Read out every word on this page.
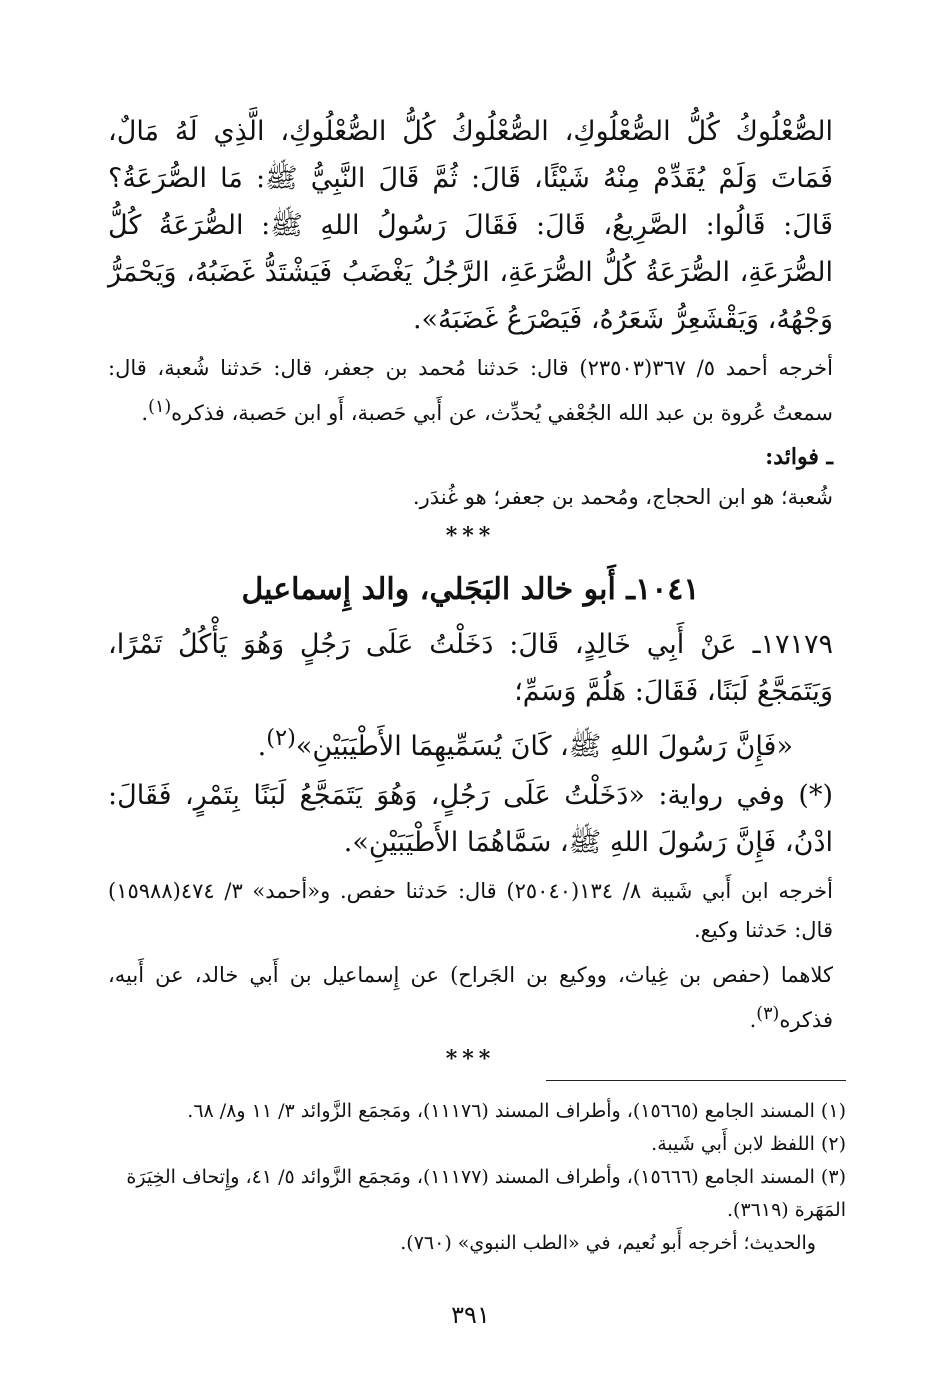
الصُّعْلُوكُ كُلُّ الصُّعْلُوكِ، الصُّعْلُوكُ كُلُّ الصُّعْلُوكِ، الَّذِي لَهُ مَالٌ، فَمَاتَ وَلَمْ يُقَدِّمْ مِنْهُ شَيْئًا، قَالَ: ثُمَّ قَالَ النَّبِيُّ ﷺ: مَا الصُّرَعَةُ؟ قَالَ: قَالُوا: الصَّرِيعُ، قَالَ: فَقَالَ رَسُولُ اللهِ ﷺ: الصُّرَعَةُ كُلُّ الصُّرَعَةِ، الصُّرَعَةُ كُلُّ الصُّرَعَةِ، الرَّجُلُ يَغْضَبُ فَيَشْتَدُّ غَضَبُهُ، وَيَحْمَرُّ وَجْهُهُ، وَيَقْشَعِرُّ شَعَرُهُ، فَيَصْرَعُ غَضَبَهُ».

أخرجه أحمد ٥/ ٣٦٧(٢٣٥٠٣) قال: حَدثنا مُحمد بن جعفر، قال: حَدثنا شُعبة، قال: سمعتُ عُروة بن عبد الله الجُعْفي يُحدِّث، عن أَبي حَصبة، أَو ابن حَصبة، فذكره$^{(١)}$.

ـ فوائد:

شُعبة؛ هو ابن الحجاج، ومُحمد بن جعفر؛ هو غُندَر.

***
١٠٤١ـ أَبو خالد البَجَلي، والد إِسماعيل

١٧١٧٩ـ عَنْ أَبِي خَالِدٍ، قَالَ: دَخَلْتُ عَلَى رَجُلٍ وَهُوَ يَأْكُلُ تَمْرًا، وَيَتَمَجَّعُ لَبَنًا، فَقَالَ: هَلُمَّ وَسَمِّ؛

«فَإِنَّ رَسُولَ اللهِ ﷺ، كَانَ يُسَمِّيهِمَا الأَطْيَبَيْنِ»$^{(٢)}$.

(*) وفي رواية: «دَخَلْتُ عَلَى رَجُلٍ، وَهُوَ يَتَمَجَّعُ لَبَنًا بِتَمْرٍ، فَقَالَ: ادْنُ، فَإِنَّ رَسُولَ اللهِ ﷺ، سَمَّاهُمَا الأَطْيَبَيْنِ».

أخرجه ابن أَبي شَيبة ٨/ ١٣٤(٢٥٠٤٠) قال: حَدثنا حفص. و«أحمد» ٣/ ٤٧٤(١٥٩٨٨) قال: حَدثنا وكيع.

كلاهما (حفص بن غِياث، ووكيع بن الجَراح) عن إِسماعيل بن أَبي خالد، عن أَبيه، فذكره$^{(٣)}$.

***

(١) المسند الجامع (١٥٦٦٥)، وأطراف المسند (١١١٧٦)، ومَجمَع الزَّوائد ٣/ ١١ و٨/ ٦٨.

(٢) اللفظ لابن أَبي شَيبة.

(٣) المسند الجامع (١٥٦٦٦)، وأطراف المسند (١١١٧٧)، ومَجمَع الزَّوائد ٥/ ٤١، وإِتحاف الخِيَرَة المَهَرة (٣٦١٩).

والحديث؛ أخرجه أَبو نُعيم، في «الطب النبوي» (٧٦٠).

٣٩١
